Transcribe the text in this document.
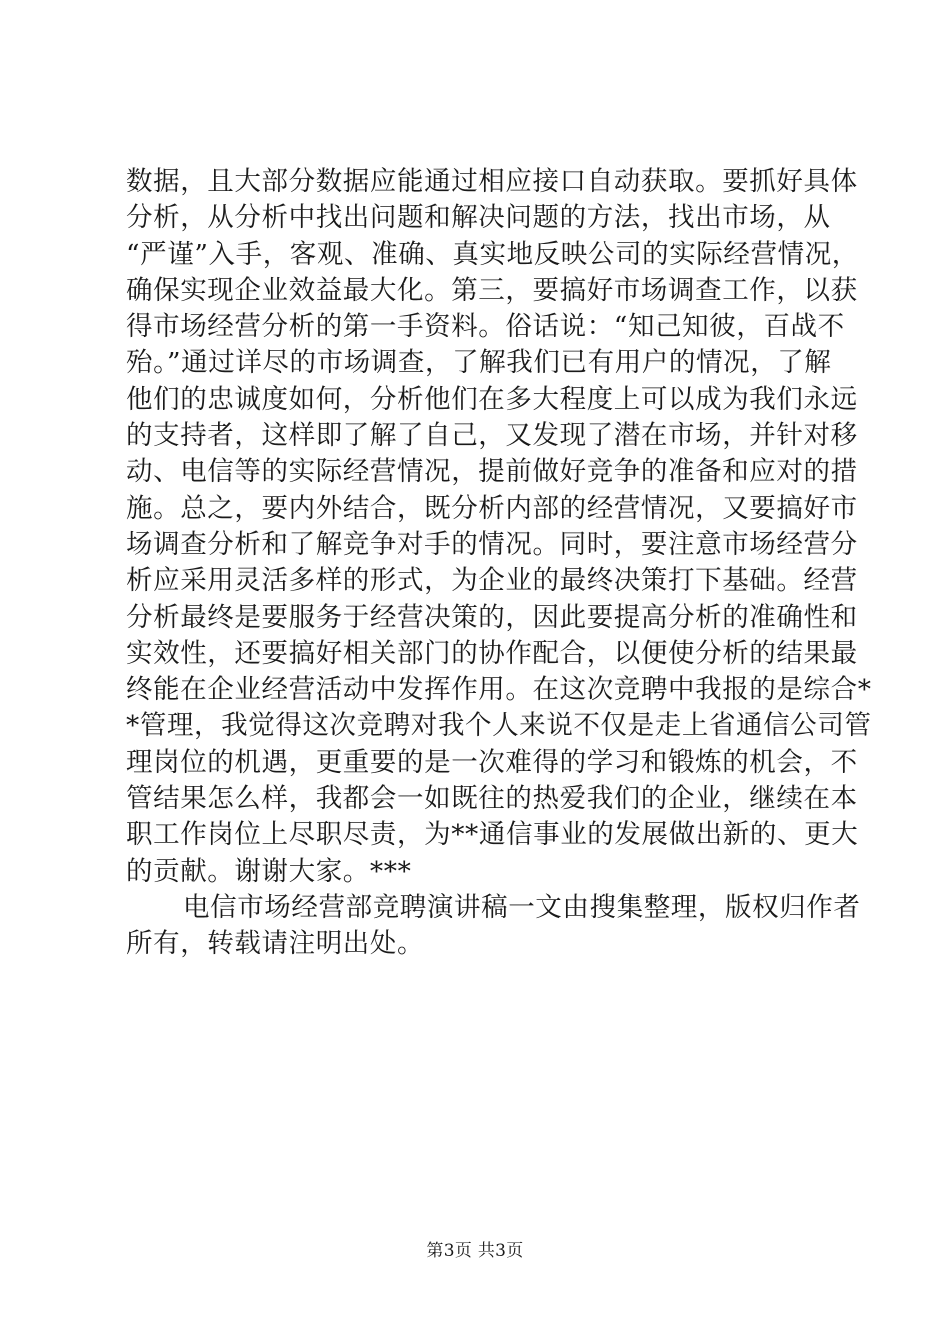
数据，且大部分数据应能通过相应接口自动获取。要抓好具体
分析，从分析中找出问题和解决问题的方法，找出市场，从
“严谨”入手，客观、准确、真实地反映公司的实际经营情况，
确保实现企业效益最大化。第三，要搞好市场调查工作，以获
得市场经营分析的第一手资料。俗话说：“知己知彼，百战不
殆。”通过详尽的市场调查，了解我们已有用户的情况，了解
他们的忠诚度如何，分析他们在多大程度上可以成为我们永远
的支持者，这样即了解了自己，又发现了潜在市场，并针对移
动、电信等的实际经营情况，提前做好竞争的准备和应对的措
施。总之，要内外结合，既分析内部的经营情况，又要搞好市
场调查分析和了解竞争对手的情况。同时，要注意市场经营分
析应采用灵活多样的形式，为企业的最终决策打下基础。经营
分析最终是要服务于经营决策的，因此要提高分析的准确性和
实效性，还要搞好相关部门的协作配合，以便使分析的结果最
终能在企业经营活动中发挥作用。在这次竞聘中我报的是综合*
*管理，我觉得这次竞聘对我个人来说不仅是走上省通信公司管
理岗位的机遇，更重要的是一次难得的学习和锻炼的机会，不
管结果怎么样，我都会一如既往的热爱我们的企业，继续在本
职工作岗位上尽职尽责，为**通信事业的发展做出新的、更大
的贡献。谢谢大家。***
电信市场经营部竞聘演讲稿一文由搜集整理，版权归作者
所有，转载请注明出处。
第3页 共3页
